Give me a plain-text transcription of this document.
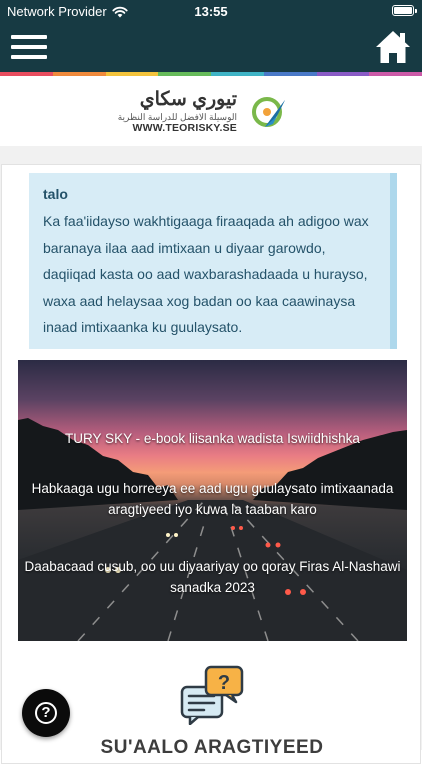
Network Provider	13:55
تيوري سكاي
الوسيلة الافضل للدراسة النظرية
WWW.TEORISKY.SE
talo
Ka faa'iidayso wakhtigaaga firaaqada ah adigoo wax baranaya ilaa aad imtixaan u diyaar garowdo, daqiiqad kasta oo aad waxbarashadaada u hurayso, waxa aad helaysaa xog badan oo kaa caawinaysa inaad imtixaanka ku guulaysato.
TURY SKY - e-book liisanka wadista Iswiidhishka
Habkaaga ugu horreeya ee aad ugu guulaysato imtixaanada aragtiyeed iyo kuwa la taaban karo
Daabacaad cusub, oo uu diyaariyay oo qoray Firas Al-Nashawi sanadka 2023
?
SU'AALO ARAGTIYEED
?
